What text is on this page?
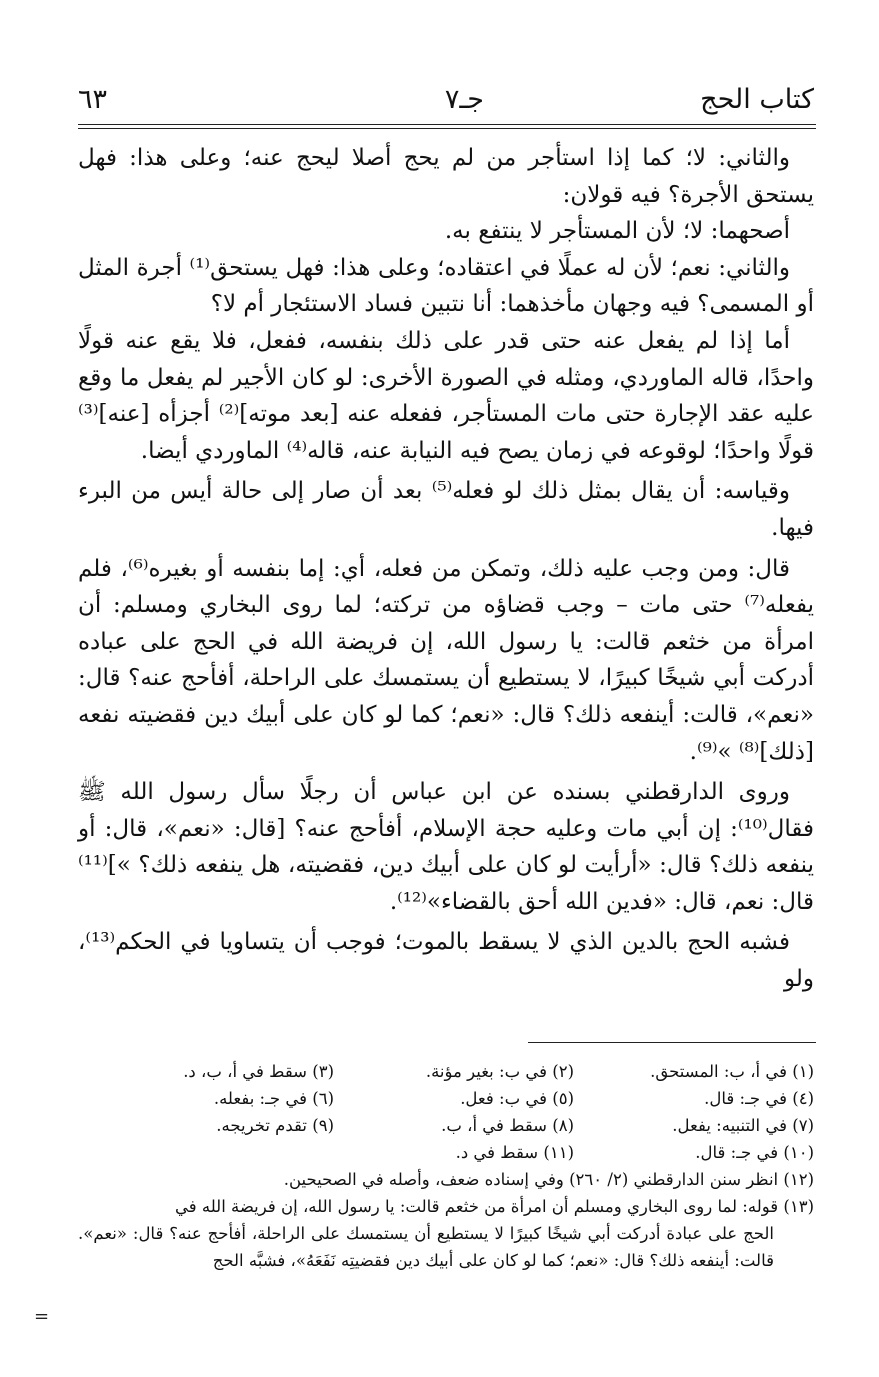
كتاب الحج
جـ٧
٦٣

والثاني: لا؛ كما إذا استأجر من لم يحج أصلا ليحج عنه؛ وعلى هذا: فهل يستحق الأجرة؟ فيه قولان:

أصحهما: لا؛ لأن المستأجر لا ينتفع به.

والثاني: نعم؛ لأن له عملًا في اعتقاده؛ وعلى هذا: فهل يستحق⁽¹⁾ أجرة المثل أو المسمى؟ فيه وجهان مأخذهما: أنا نتبين فساد الاستئجار أم لا؟

أما إذا لم يفعل عنه حتى قدر على ذلك بنفسه، ففعل، فلا يقع عنه قولًا واحدًا، قاله الماوردي، ومثله في الصورة الأخرى: لو كان الأجير لم يفعل ما وقع عليه عقد الإجارة حتى مات المستأجر، ففعله عنه [بعد موته]⁽²⁾ أجزأه [عنه]⁽³⁾ قولًا واحدًا؛ لوقوعه في زمان يصح فيه النيابة عنه، قاله⁽⁴⁾ الماوردي أيضا.

وقياسه: أن يقال بمثل ذلك لو فعله⁽⁵⁾ بعد أن صار إلى حالة أيس من البرء فيها.

قال: ومن وجب عليه ذلك، وتمكن من فعله، أي: إما بنفسه أو بغيره⁽⁶⁾، فلم يفعله⁽⁷⁾ حتى مات – وجب قضاؤه من تركته؛ لما روى البخاري ومسلم: أن امرأة من خثعم قالت: يا رسول الله، إن فريضة الله في الحج على عباده أدركت أبي شيخًا كبيرًا، لا يستطيع أن يستمسك على الراحلة، أفأحج عنه؟ قال: «نعم»، قالت: أينفعه ذلك؟ قال: «نعم؛ كما لو كان على أبيك دين فقضيته نفعه [ذلك]⁽⁸⁾ »⁽⁹⁾.

وروى الدارقطني بسنده عن ابن عباس أن رجلًا سأل رسول الله ﷺ فقال⁽¹⁰⁾: إن أبي مات وعليه حجة الإسلام، أفأحج عنه؟ [قال: «نعم»، قال: أو ينفعه ذلك؟ قال: «أرأيت لو كان على أبيك دين، فقضيته، هل ينفعه ذلك؟ »]⁽¹¹⁾ قال: نعم، قال: «فدين الله أحق بالقضاء»⁽¹²⁾.

فشبه الحج بالدين الذي لا يسقط بالموت؛ فوجب أن يتساويا في الحكم⁽¹³⁾، ولو

(١) في أ، ب: المستحق.
(٢) في ب: بغير مؤنة.
(٣) سقط في أ، ب، د.
(٤) في جـ: قال.
(٥) في ب: فعل.
(٦) في جـ: بفعله.
(٧) في التنبيه: يفعل.
(٨) سقط في أ، ب.
(٩) تقدم تخريجه.
(١٠) في جـ: قال.
(١١) سقط في د.
(١٢) انظر سنن الدارقطني (٢/ ٢٦٠) وفي إسناده ضعف، وأصله في الصحيحين.
(١٣) قوله: لما روى البخاري ومسلم أن امرأة من خثعم قالت: يا رسول الله، إن فريضة الله في
الحج على عبادة أدركت أبي شيخًا كبيرًا لا يستطيع أن يستمسك على الراحلة، أفأحج عنه؟ قال: «نعم». قالت: أينفعه ذلك؟ قال: «نعم؛ كما لو كان على أبيك دين فقضيتِه نَفَعَهُ»، فشبَّه الحج
=
